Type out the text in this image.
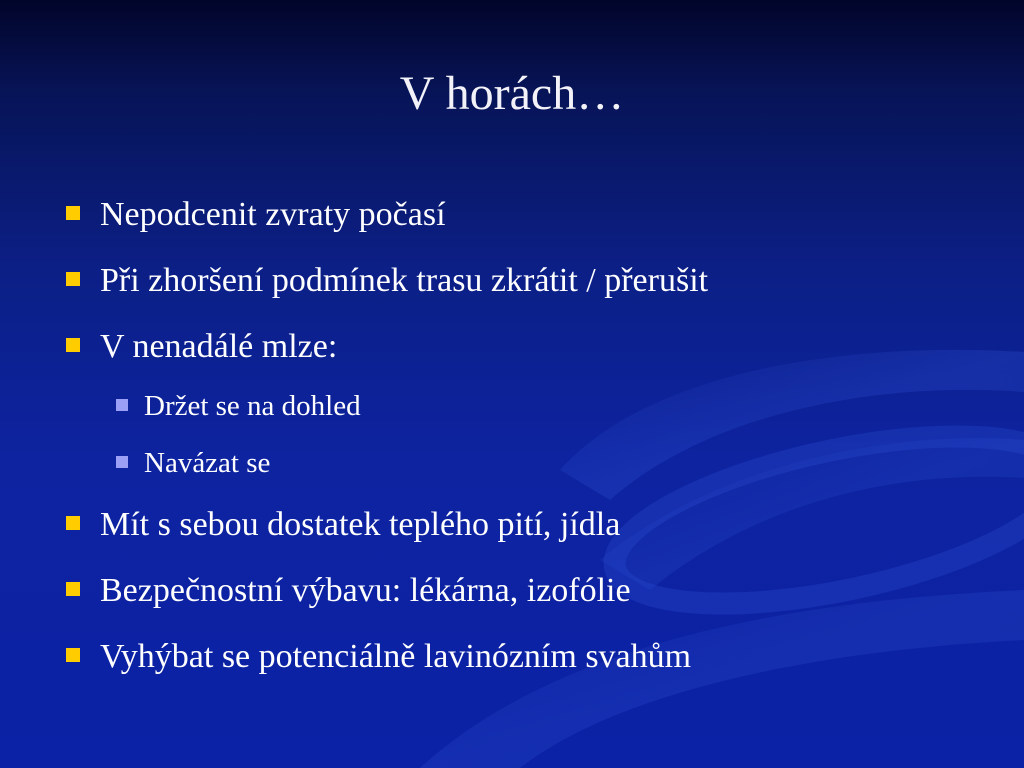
V horách…
Nepodcenit zvraty počasí
Při zhoršení podmínek trasu zkrátit / přerušit
V nenadálé mlze:
Držet se na dohled
Navázat se
Mít s sebou dostatek teplého pití, jídla
Bezpečnostní výbavu: lékárna, izofólie
Vyhýbat se potenciálně lavinózním svahům
